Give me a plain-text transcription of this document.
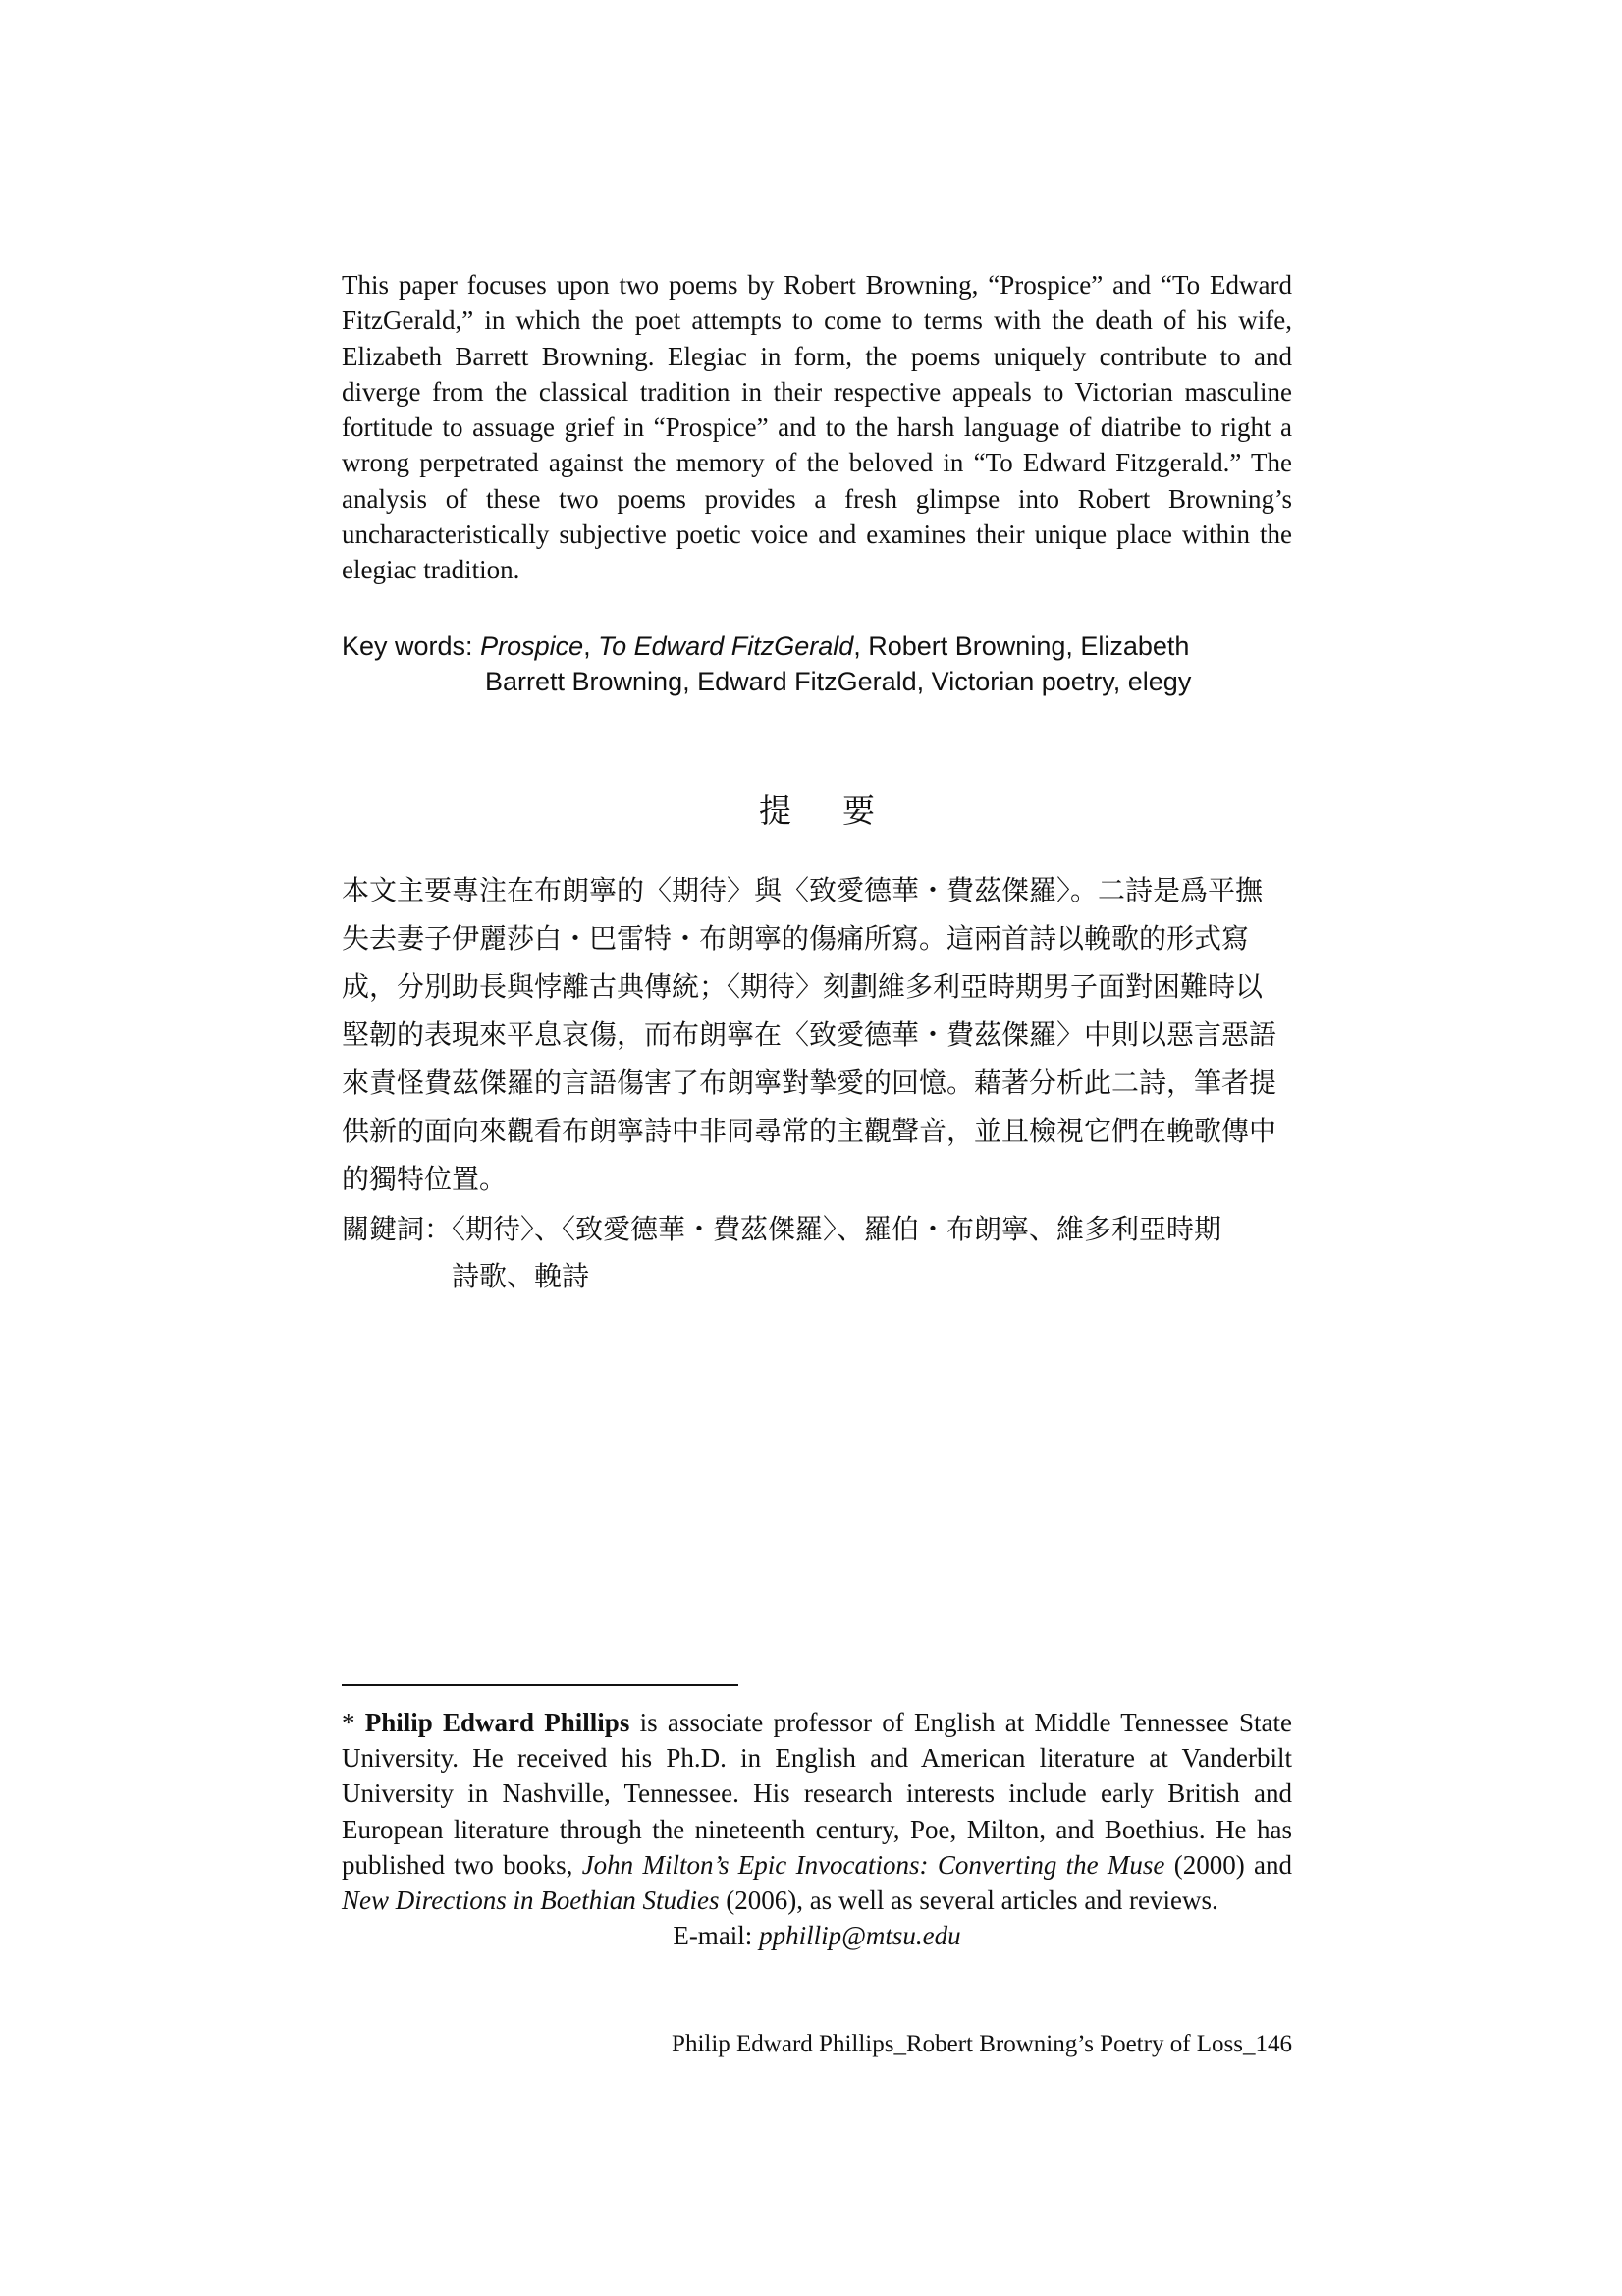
This paper focuses upon two poems by Robert Browning, “Prospice” and “To Edward FitzGerald,” in which the poet attempts to come to terms with the death of his wife, Elizabeth Barrett Browning. Elegiac in form, the poems uniquely contribute to and diverge from the classical tradition in their respective appeals to Victorian masculine fortitude to assuage grief in “Prospice” and to the harsh language of diatribe to right a wrong perpetrated against the memory of the beloved in “To Edward Fitzgerald.” The analysis of these two poems provides a fresh glimpse into Robert Browning’s uncharacteristically subjective poetic voice and examines their unique place within the elegiac tradition.

Key words: Prospice, To Edward FitzGerald, Robert Browning, Elizabeth
Barrett Browning, Edward FitzGerald, Victorian poetry, elegy
提 要
本文主要專注在布朗寧的〈期待〉與〈致愛德華・費茲傑羅〉。二詩是爲平撫
失去妻子伊麗莎白・巴雷特・布朗寧的傷痛所寫。這兩首詩以輓歌的形式寫
成，分別助長與悖離古典傳統；〈期待〉刻劃維多利亞時期男子面對困難時以
堅韌的表現來平息哀傷，而布朗寧在〈致愛德華・費茲傑羅〉中則以惡言惡語
來責怪費茲傑羅的言語傷害了布朗寧對摯愛的回憶。藉著分析此二詩，筆者提
供新的面向來觀看布朗寧詩中非同尋常的主觀聲音，並且檢視它們在輓歌傳中
的獨特位置。
關鍵詞：〈期待〉、〈致愛德華・費茲傑羅〉、羅伯・布朗寧、維多利亞時期
詩歌、輓詩

* Philip Edward Phillips is associate professor of English at Middle Tennessee State University. He received his Ph.D. in English and American literature at Vanderbilt University in Nashville, Tennessee. His research interests include early British and European literature through the nineteenth century, Poe, Milton, and Boethius. He has published two books, John Milton’s Epic Invocations: Converting the Muse (2000) and New Directions in Boethian Studies (2006), as well as several articles and reviews.
E-mail: pphillip@mtsu.edu

Philip Edward Phillips_Robert Browning’s Poetry of Loss_146
